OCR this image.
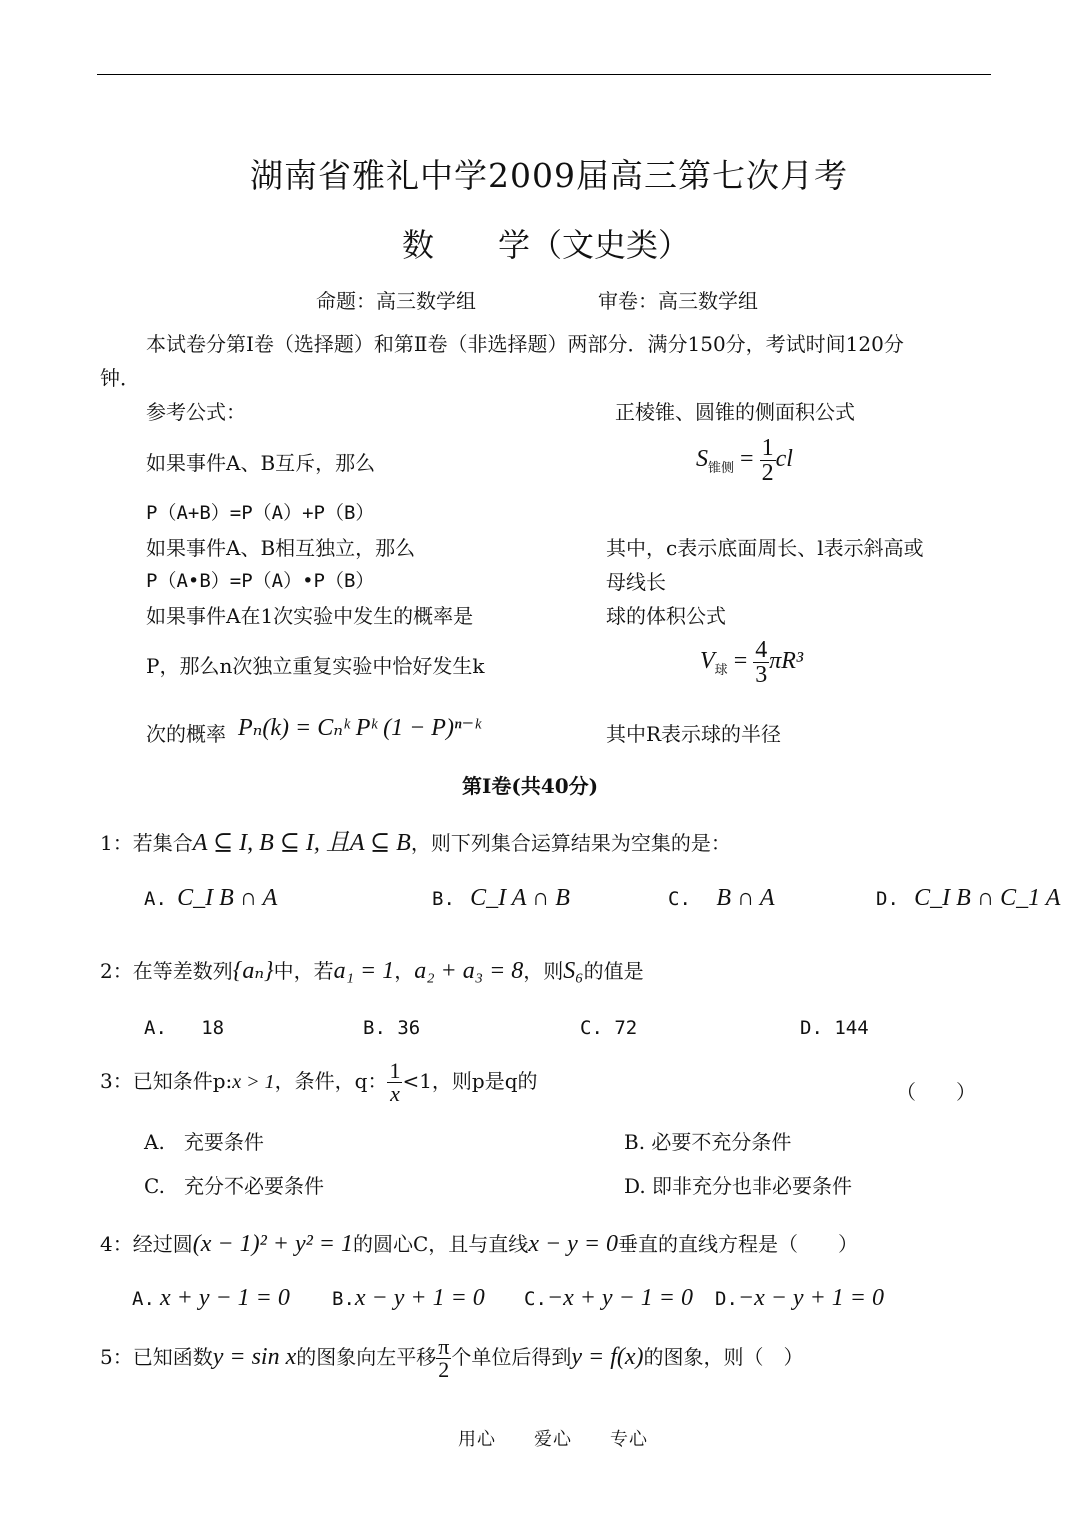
湖南省雅礼中学2009届高三第七次月考
数　　学（文史类）
命题：高三数学组	审卷：高三数学组
本试卷分第Ⅰ卷（选择题）和第Ⅱ卷（非选择题）两部分．满分150分，考试时间120分
钟．
参考公式：	正棱锥、圆锥的侧面积公式
如果事件A、B互斥，那么	$S_{锥侧} = \frac{1}{2}$ cl
P（A+B）=P（A）+P（B）
如果事件A、B相互独立，那么	其中，c表示底面周长、l表示斜高或
P（A•B）=P（A）•P（B）	母线长
如果事件A在1次实验中发生的概率是	球的体积公式
P，那么n次独立重复实验中恰好发生k	$V_球 = \frac{4}{3} \pi R^3$
次的概率 Pₙ(k) = Cₙᵏ Pᵏ (1 − P)ⁿ⁻ᵏ	其中R表示球的半径
第Ⅰ卷(共40分)
1：若集合A ⊆ I, B ⊆ I, 且A ⊆ B，则下列集合运算结果为空集的是：
A. C_I B ∩ A	B. C_I A ∩ B	C. B ∩ A	D. C_I B ∩ C_1 A
2：在等差数列{aₙ}中，若a₁ = 1，a₂ + a₃ = 8，则S₆的值是
A. 18	B. 36	C. 72	D. 144
3：已知条件p:x > 1，条件，q： $\frac{1}{x} <1$，则p是q的	（　　）
A. 充要条件	B. 必要不充分条件
C. 充分不必要条件	D. 即非充分也非必要条件
4：经过圆(x − 1)² + y² = 1的圆心C，且与直线x − y = 0垂直的直线方程是（　　）
A. x + y − 1 = 0 B.x − y + 1 = 0 C.−x + y − 1 = 0 D.−x − y + 1 = 0
5：已知函数y = sin x的图象向左平移 $\frac{\pi}{2}$ 个单位后得到y = f(x)的图象，则（　）
用心　　爱心　　专心
